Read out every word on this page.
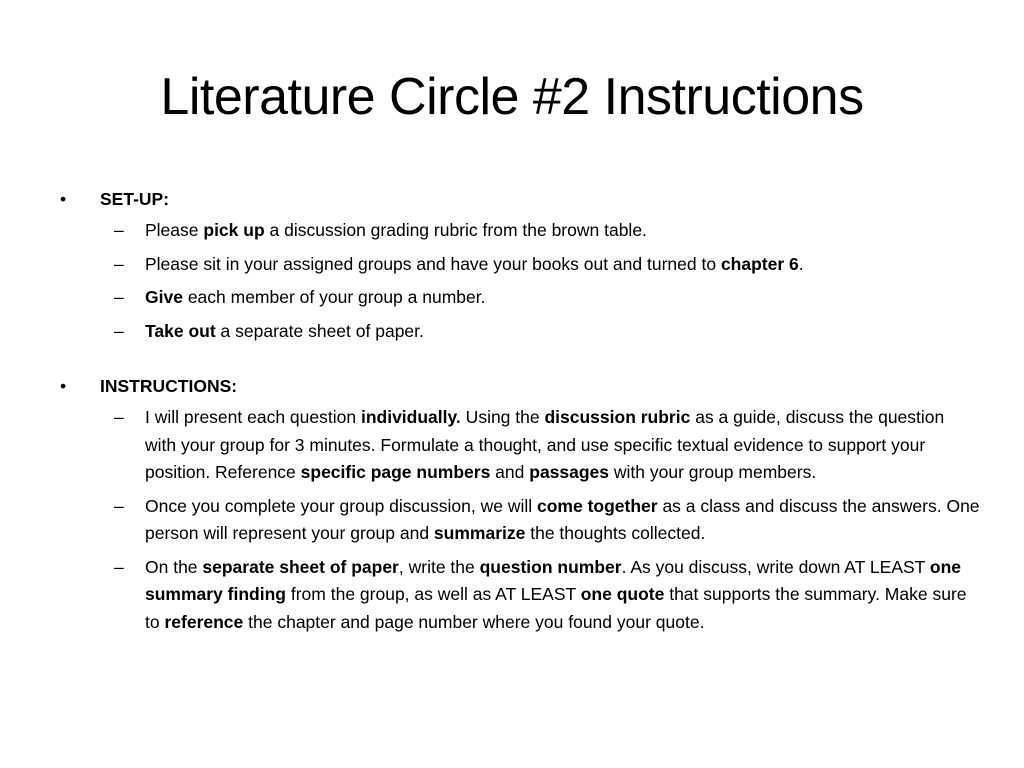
Literature Circle #2 Instructions
• SET-UP:
– Please pick up a discussion grading rubric from the brown table.
– Please sit in your assigned groups and have your books out and turned to chapter 6.
– Give each member of your group a number.
– Take out a separate sheet of paper.
• INSTRUCTIONS:
– I will present each question individually. Using the discussion rubric as a guide, discuss the question with your group for 3 minutes. Formulate a thought, and use specific textual evidence to support your position. Reference specific page numbers and passages with your group members.
– Once you complete your group discussion, we will come together as a class and discuss the answers. One person will represent your group and summarize the thoughts collected.
– On the separate sheet of paper, write the question number. As you discuss, write down AT LEAST one summary finding from the group, as well as AT LEAST one quote that supports the summary. Make sure to reference the chapter and page number where you found your quote.
